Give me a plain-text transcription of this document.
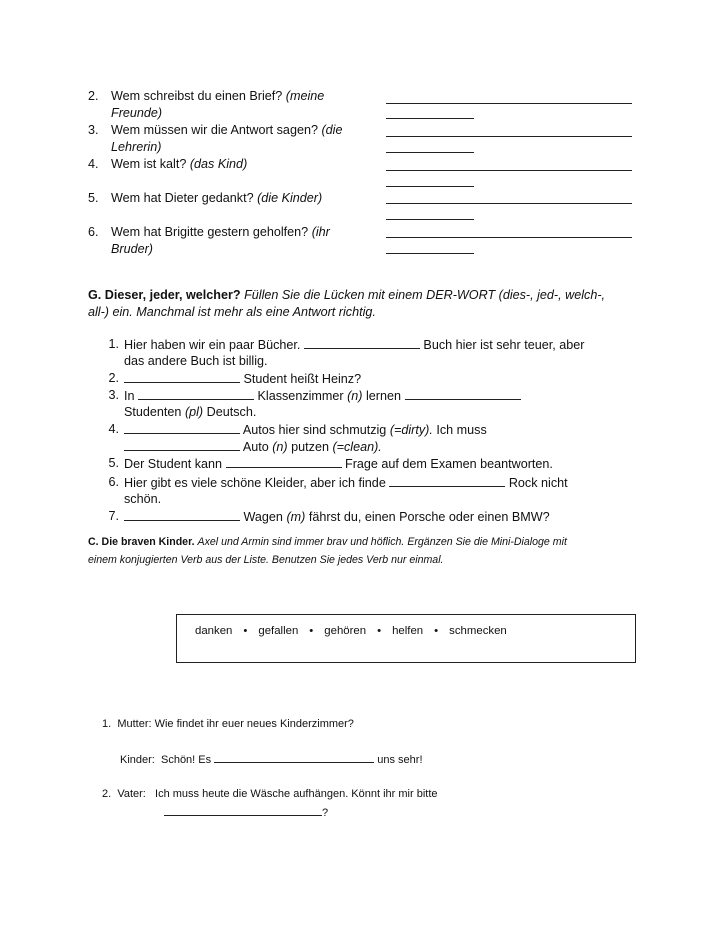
2. Wem schreibst du einen Brief? (meine
Freunde)
3. Wem müssen wir die Antwort sagen? (die
Lehrerin)
4. Wem ist kalt? (das Kind)
5. Wem hat Dieter gedankt? (die Kinder)
6. Wem hat Brigitte gestern geholfen? (ihr
Bruder)
G. Dieser, jeder, welcher? Füllen Sie die Lücken mit einem DER-WORT (dies-, jed-, welch-,
all-) ein. Manchmal ist mehr als eine Antwort richtig.
1. Hier haben wir ein paar Bücher.	Buch hier ist sehr teuer, aber
das andere Buch ist billig.
2.	Student heißt Heinz?
3. In	Klassenzimmer (n) lernen
Studenten (pl) Deutsch.
4.	Autos hier sind schmutzig (=dirty). Ich muss
Auto (n) putzen (=clean).
5. Der Student kann	Frage auf dem Examen beantworten.
6. Hier gibt es viele schöne Kleider, aber ich finde	Rock nicht
schön.
7.	Wagen (m) fährst du, einen Porsche oder einen BMW?
C. Die braven Kinder. Axel und Armin sind immer brav und höflich. Ergänzen Sie die Mini-Dialoge mit
einem konjugierten Verb aus der Liste. Benutzen Sie jedes Verb nur einmal.
danken • gefallen • gehören • helfen • schmecken
1. Mutter: Wie findet ihr euer neues Kinderzimmer?
Kinder: Schön! Es	uns sehr!
2. Vater: Ich muss heute die Wäsche aufhängen. Könnt ihr mir bitte
?
